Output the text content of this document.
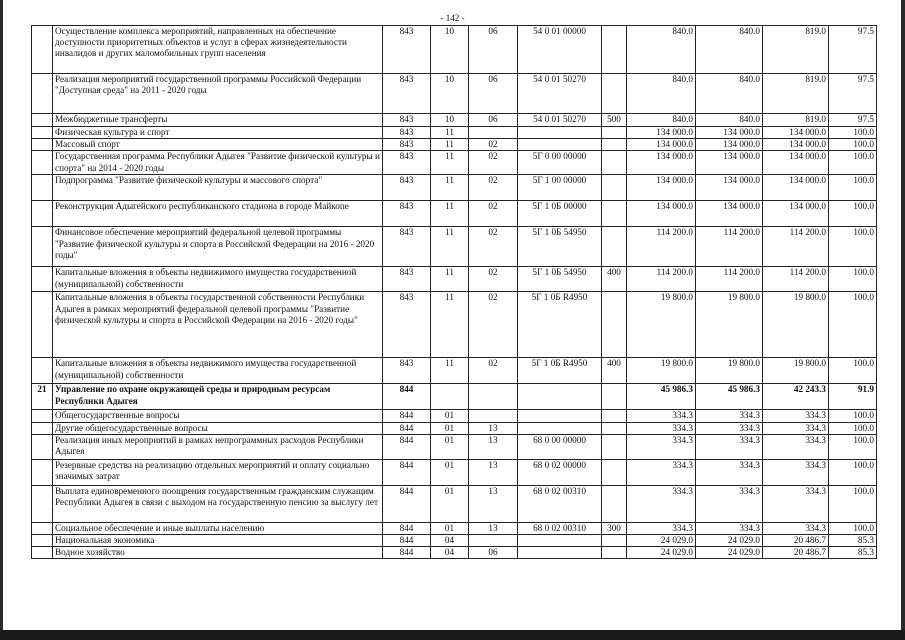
- 142 -
	Осуществление комплекса мероприятий, направленных на обеспечение доступности приоритетных объектов и услуг в сферах жизнедеятельности инвалидов и других маломобильных групп населения	843	10	06	54 0 01 00000		840.0	840.0	819.0	97.5
	Реализация мероприятий государственной программы Российской Федерации "Доступная среда" на 2011 - 2020 годы	843	10	06	54 0 01 50270		840.0	840.0	819.0	97.5
	Межбюджетные трансферты	843	10	06	54 0 01 50270	500	840.0	840.0	819.0	97.5
	Физическая культура и спорт	843	11				134 000.0	134 000.0	134 000.0	100.0
	Массовый спорт	843	11	02			134 000.0	134 000.0	134 000.0	100.0
	Государственная программа Республики Адыгея "Развитие физической культуры и спорта" на 2014 - 2020 годы	843	11	02	5Г 0 00 00000		134 000.0	134 000.0	134 000.0	100.0
	Подпрограмма "Развитие физической культуры и массового спорта"	843	11	02	5Г 1 00 00000		134 000.0	134 000.0	134 000.0	100.0
	Реконструкция Адыгейского республиканского стадиона в городе Майкопе	843	11	02	5Г 1 0Б 00000		134 000.0	134 000.0	134 000.0	100.0
	Финансовое обеспечение мероприятий федеральной целевой программы "Развитие физической культуры и спорта в Российской Федерации на 2016 - 2020 годы"	843	11	02	5Г 1 0Б 54950		114 200.0	114 200.0	114 200.0	100.0
	Капитальные вложения в объекты недвижимого имущества государственной (муниципальной) собственности	843	11	02	5Г 1 0Б 54950	400	114 200.0	114 200.0	114 200.0	100.0
	Капитальные вложения в объекты государственной собственности Республики Адыгея в рамках мероприятий федеральной целевой программы "Развитие физической культуры и спорта в Российской Федерации на 2016 - 2020 годы"	843	11	02	5Г 1 0Б R4950		19 800.0	19 800.0	19 800.0	100.0
	Капитальные вложения в объекты недвижимого имущества государственной (муниципальной) собственности	843	11	02	5Г 1 0Б R4950	400	19 800.0	19 800.0	19 800.0	100.0
21	Управление по охране окружающей среды и природным ресурсам Республики Адыгея	844					45 986.3	45 986.3	42 243.3	91.9
	Общегосударственные вопросы	844	01				334.3	334.3	334.3	100.0
	Другие общегосударственные вопросы	844	01	13			334.3	334.3	334.3	100.0
	Реализация иных мероприятий в рамках непрограммных расходов Республики Адыгея	844	01	13	68 0 00 00000		334.3	334.3	334.3	100.0
	Резервные средства на реализацию отдельных мероприятий и оплату социально значимых затрат	844	01	13	68 0 02 00000		334.3	334.3	334.3	100.0
	Выплата единовременного поощрения государственным гражданским служащим Республики Адыгея в связи с выходом на государственную пенсию за выслугу лет	844	01	13	68 0 02 00310		334.3	334.3	334.3	100.0
	Социальное обеспечение и иные выплаты населению	844	01	13	68 0 02 00310	300	334.3	334.3	334.3	100.0
	Национальная экономика	844	04				24 029.0	24 029.0	20 486.7	85.3
	Водное хозяйство	844	04	06			24 029.0	24 029.0	20 486.7	85.3
